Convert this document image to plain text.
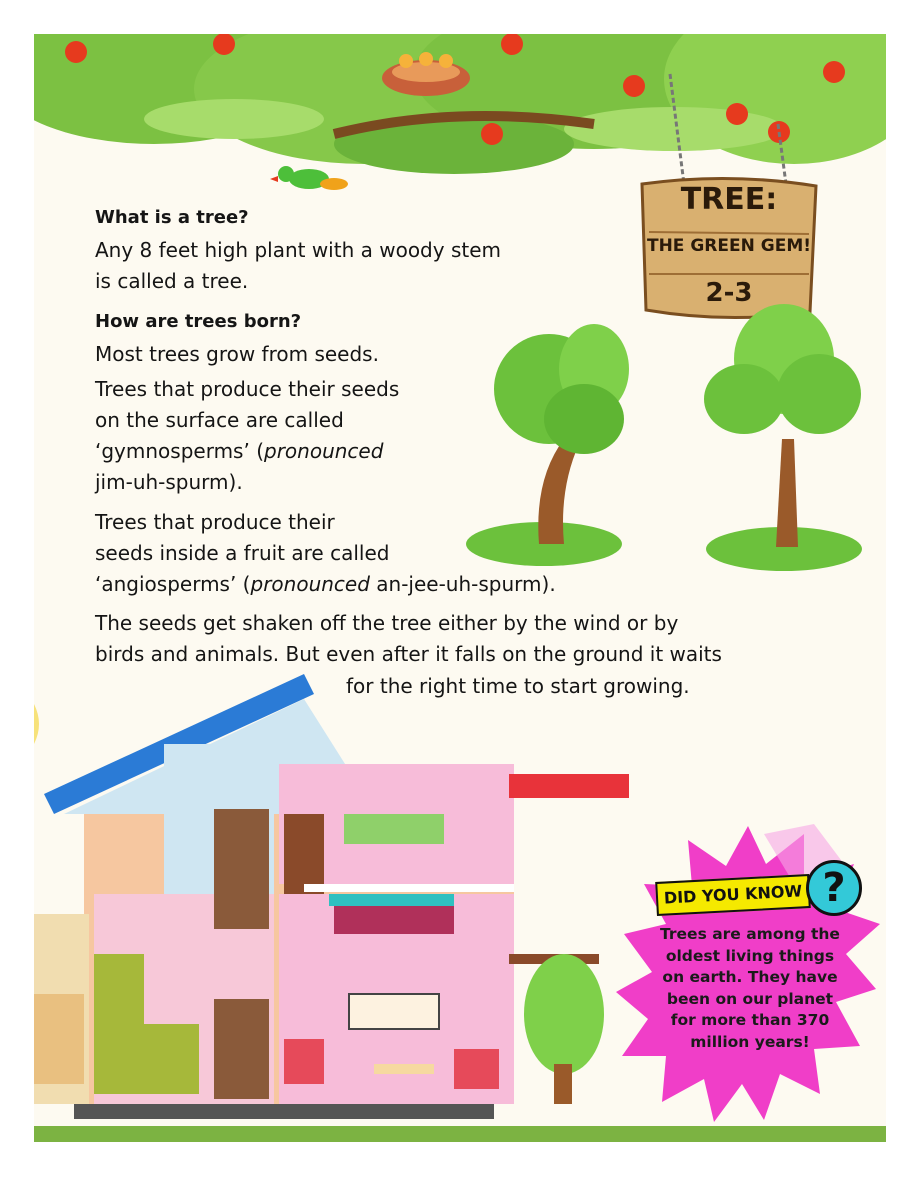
TREE:
THE GREEN GEM!
2-3
What is a tree?
Any 8 feet high plant with a woody stem
is called a tree.
How are trees born?
Most trees grow from seeds.
Trees that produce their seeds
on the surface are called
‘gymnosperms’ (pronounced
jim-uh-spurm).
Trees that produce their
seeds inside a fruit are called
‘angiosperms’ (pronounced an-jee-uh-spurm).
The seeds get shaken off the tree either by the wind or by
birds and animals. But even after it falls on the ground it waits
for the right time to start growing.
DID YOU KNOW ?
Trees are among the
oldest living things
on earth. They have
been on our planet
for more than 370
million years!
